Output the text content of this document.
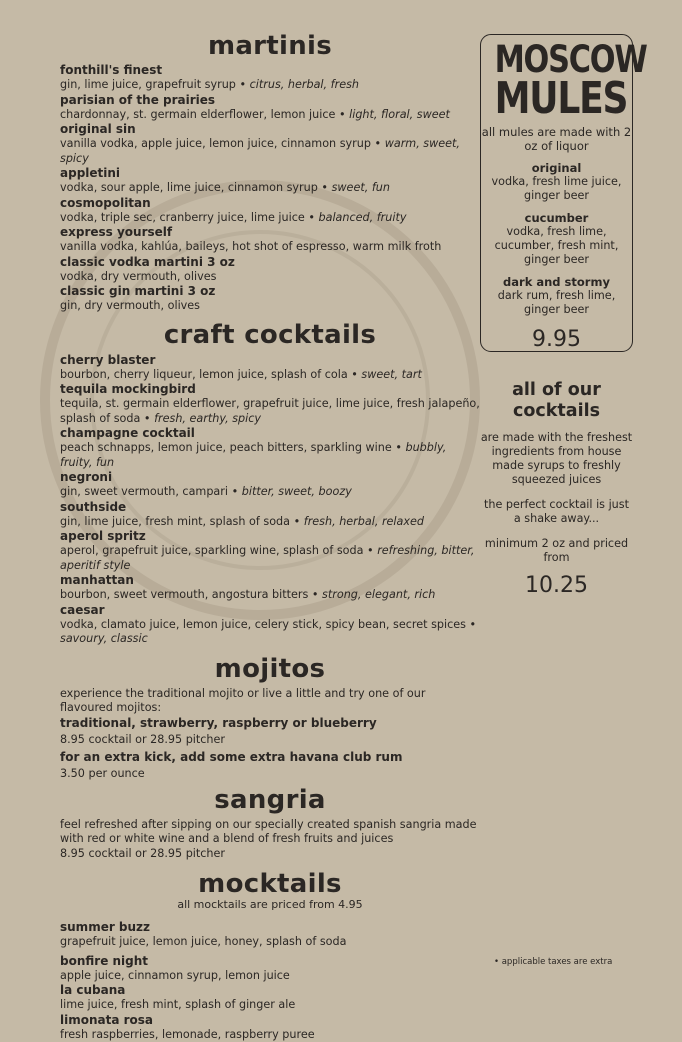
martinis
fonthill's finest
gin, lime juice, grapefruit syrup • citrus, herbal, fresh
parisian of the prairies
chardonnay, st. germain elderflower, lemon juice • light, floral, sweet
original sin
vanilla vodka, apple juice, lemon juice, cinnamon syrup • warm, sweet, spicy
appletini
vodka, sour apple, lime juice, cinnamon syrup • sweet, fun
cosmopolitan
vodka, triple sec, cranberry juice, lime juice • balanced, fruity
express yourself
vanilla vodka, kahlúa, baileys, hot shot of espresso, warm milk froth
classic vodka martini 3 oz
vodka, dry vermouth, olives
classic gin martini 3 oz
gin, dry vermouth, olives
craft cocktails
cherry blaster
bourbon, cherry liqueur, lemon juice, splash of cola • sweet, tart
tequila mockingbird
tequila, st. germain elderflower, grapefruit juice, lime juice, fresh jalapeño, splash of soda • fresh, earthy, spicy
champagne cocktail
peach schnapps, lemon juice, peach bitters, sparkling wine • bubbly, fruity, fun
negroni
gin, sweet vermouth, campari • bitter, sweet, boozy
southside
gin, lime juice, fresh mint, splash of soda • fresh, herbal, relaxed
aperol spritz
aperol, grapefruit juice, sparkling wine, splash of soda • refreshing, bitter, aperitif style
manhattan
bourbon, sweet vermouth, angostura bitters • strong, elegant, rich
caesar
vodka, clamato juice, lemon juice, celery stick, spicy bean, secret spices • savoury, classic
mojitos

experience the traditional mojito or live a little and try one of our flavoured mojitos:

traditional, strawberry, raspberry or blueberry

8.95 cocktail or 28.95 pitcher

for an extra kick, add some extra havana club rum

3.50 per ounce

sangria

feel refreshed after sipping on our specially created spanish sangria made with red or white wine and a blend of fresh fruits and juices

8.95 cocktail or 28.95 pitcher

mocktails
all mocktails are priced from 4.95
summer buzz
grapefruit juice, lemon juice, honey, splash of soda
bonfire night
apple juice, cinnamon syrup, lemon juice
la cubana
lime juice, fresh mint, splash of ginger ale
limonata rosa
fresh raspberries, lemonade, raspberry puree
MOSCOW
MULES
all mules are made with 2 oz of liquor
original
vodka, fresh lime juice, ginger beer
cucumber
vodka, fresh lime, cucumber, fresh mint, ginger beer
dark and stormy
dark rum, fresh lime, ginger beer
9.95
all of our cocktails
are made with the freshest ingredients from house made syrups to freshly squeezed juices
the perfect cocktail is just a shake away...
minimum 2 oz and priced from
10.25
• applicable taxes are extra
